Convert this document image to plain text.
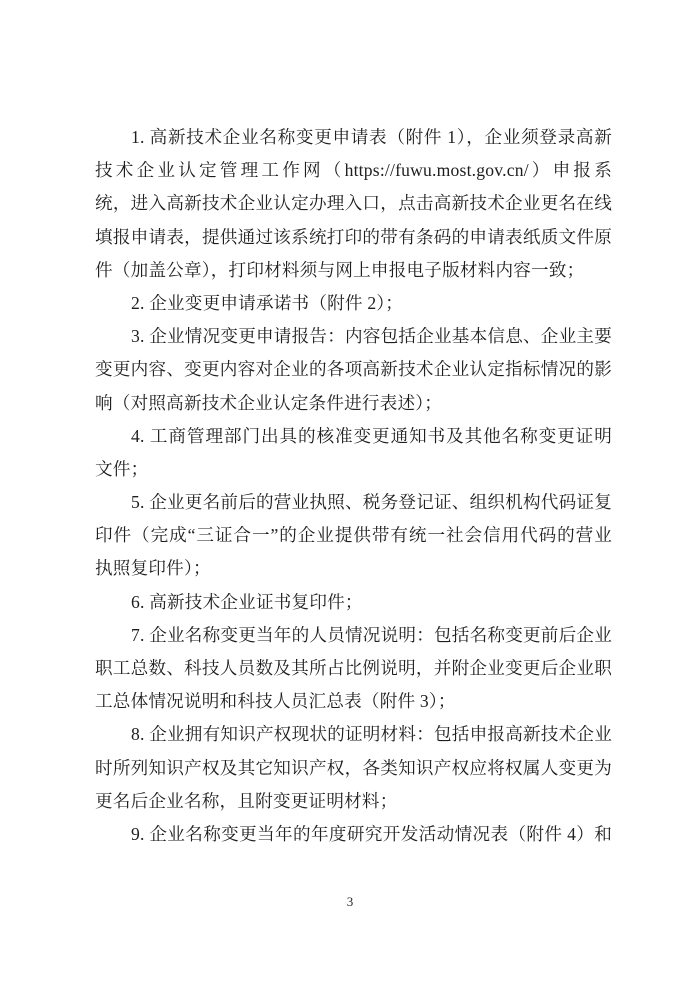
1. 高新技术企业名称变更申请表（附件 1），企业须登录高新
技术企业认定管理工作网（https://fuwu.most.gov.cn/）申报系
统，进入高新技术企业认定办理入口，点击高新技术企业更名在线
填报申请表，提供通过该系统打印的带有条码的申请表纸质文件原
件（加盖公章），打印材料须与网上申报电子版材料内容一致；
2. 企业变更申请承诺书（附件 2）；
3. 企业情况变更申请报告：内容包括企业基本信息、企业主要
变更内容、变更内容对企业的各项高新技术企业认定指标情况的影
响（对照高新技术企业认定条件进行表述）；
4. 工商管理部门出具的核准变更通知书及其他名称变更证明
文件；
5. 企业更名前后的营业执照、税务登记证、组织机构代码证复
印件（完成“三证合一”的企业提供带有统一社会信用代码的营业
执照复印件）；
6. 高新技术企业证书复印件；
7. 企业名称变更当年的人员情况说明：包括名称变更前后企业
职工总数、科技人员数及其所占比例说明，并附企业变更后企业职
工总体情况说明和科技人员汇总表（附件 3）；
8. 企业拥有知识产权现状的证明材料：包括申报高新技术企业
时所列知识产权及其它知识产权，各类知识产权应将权属人变更为
更名后企业名称，且附变更证明材料；
9. 企业名称变更当年的年度研究开发活动情况表（附件 4）和
3
